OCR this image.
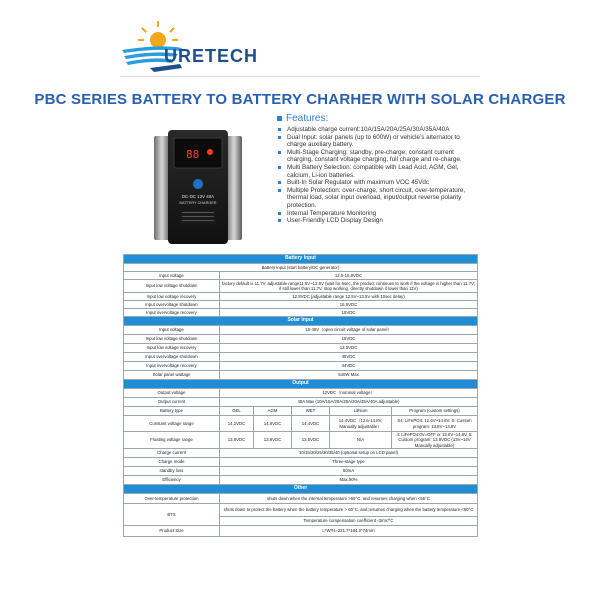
URETECH
PBC SERIES BATTERY TO BATTERY CHARHER WITH SOLAR CHARGER
88
DC-DC 12V 40A
BATTERY CHARGER
Features:
Adjustable charge current:10A/15A/20A/25A/30A/35A/40A
Dual Input: solar panels (up to 600W) or vehicle’s alternator to charge auxiliary battery.
Multi-Stage Charging: standby, pre-charge, constant current charging, constant voltage charging, full charge and re-charge.
Multi Battery Selection: compatible with Lead Acid, AGM, Gel, calcium, Li-ion batteries.
Built-In Solar Regulator with maximum VOC 45Vdc
Multiple Protection: over-charge, short circuit, over-temperature, thermal load, solar input overload, input/output reverse polarity protection.
Internal Temperature Monitoring
User-Friendly LCD Display Design
Battery Input					
Battery input (start battery/DC generator)					
Input voltage	12.5-15.8VDC				
Input low voltage shutdown	factory default is 11.7V, adjustable range11.5V~12.5V (wait for 5sec, the product continues to work if the voltage is higher than 11.7V; if still lower than 11.7V, stop working. directly shutdown if lower than 11V)				
Input low voltage recovery	12.8VDC (adjustable range 12.5V~13.5V with 10sec delay)				
Input overvoltage shutdown	15.8VDC				
Input overvoltage recovery	15VDC				
Solar Input					
Input voltage	15-45V（open circuit voltage of solar panel）				
Input low voltage shutdown	15VDC				
Input low voltage recovery	13.5VDC				
Input overvoltage shutdown	45VDC				
Input overvoltage recovery	44VDC				
Solar panel wattage	540W Max				
Output					
Output voltage	12VDC（nominal voltage）				
Output current	40A Max (10A/15A/20A/25A/30A/35A/40A adjustable)				
Battery type	GEL	AGM	WET	Lithium	Program (custom settings)
Constant voltage range	14.2VDC	14.6VDC	14.4VDC	14.4VDC（12.6-14.8V, Manually adjustable）	S4: LiFePO4: 12.6V~14.8V; S: Custom program: 13.8V~14.8V
Floating voltage range	13.8VDC	13.8VDC	13.5VDC	N/A	4: LiFePO4:0V=OFF or 13.0V~14.8V, 5: Custom program: 13.8VDC (13V~14V Manually adjustable)
Charge current	10/15/20/25/30/35/40 (optional setup on LCD panel)				
Charge mode	Three-stage type				
standby loss	50mA				
Efficiency	Max.90%				
Other					
Over-temperature protection	shuts down when the internal temperature >65°C, and resumes charging when <55°C				
BTS	shuts down to protect the battery when the battery temperature > 60°C, and resumes charging when the battery temperature <50°C				
	Temperature compensation coefficient -3mV/°C				
Product Size	L*W*H=221.7*184.2*74mm				
